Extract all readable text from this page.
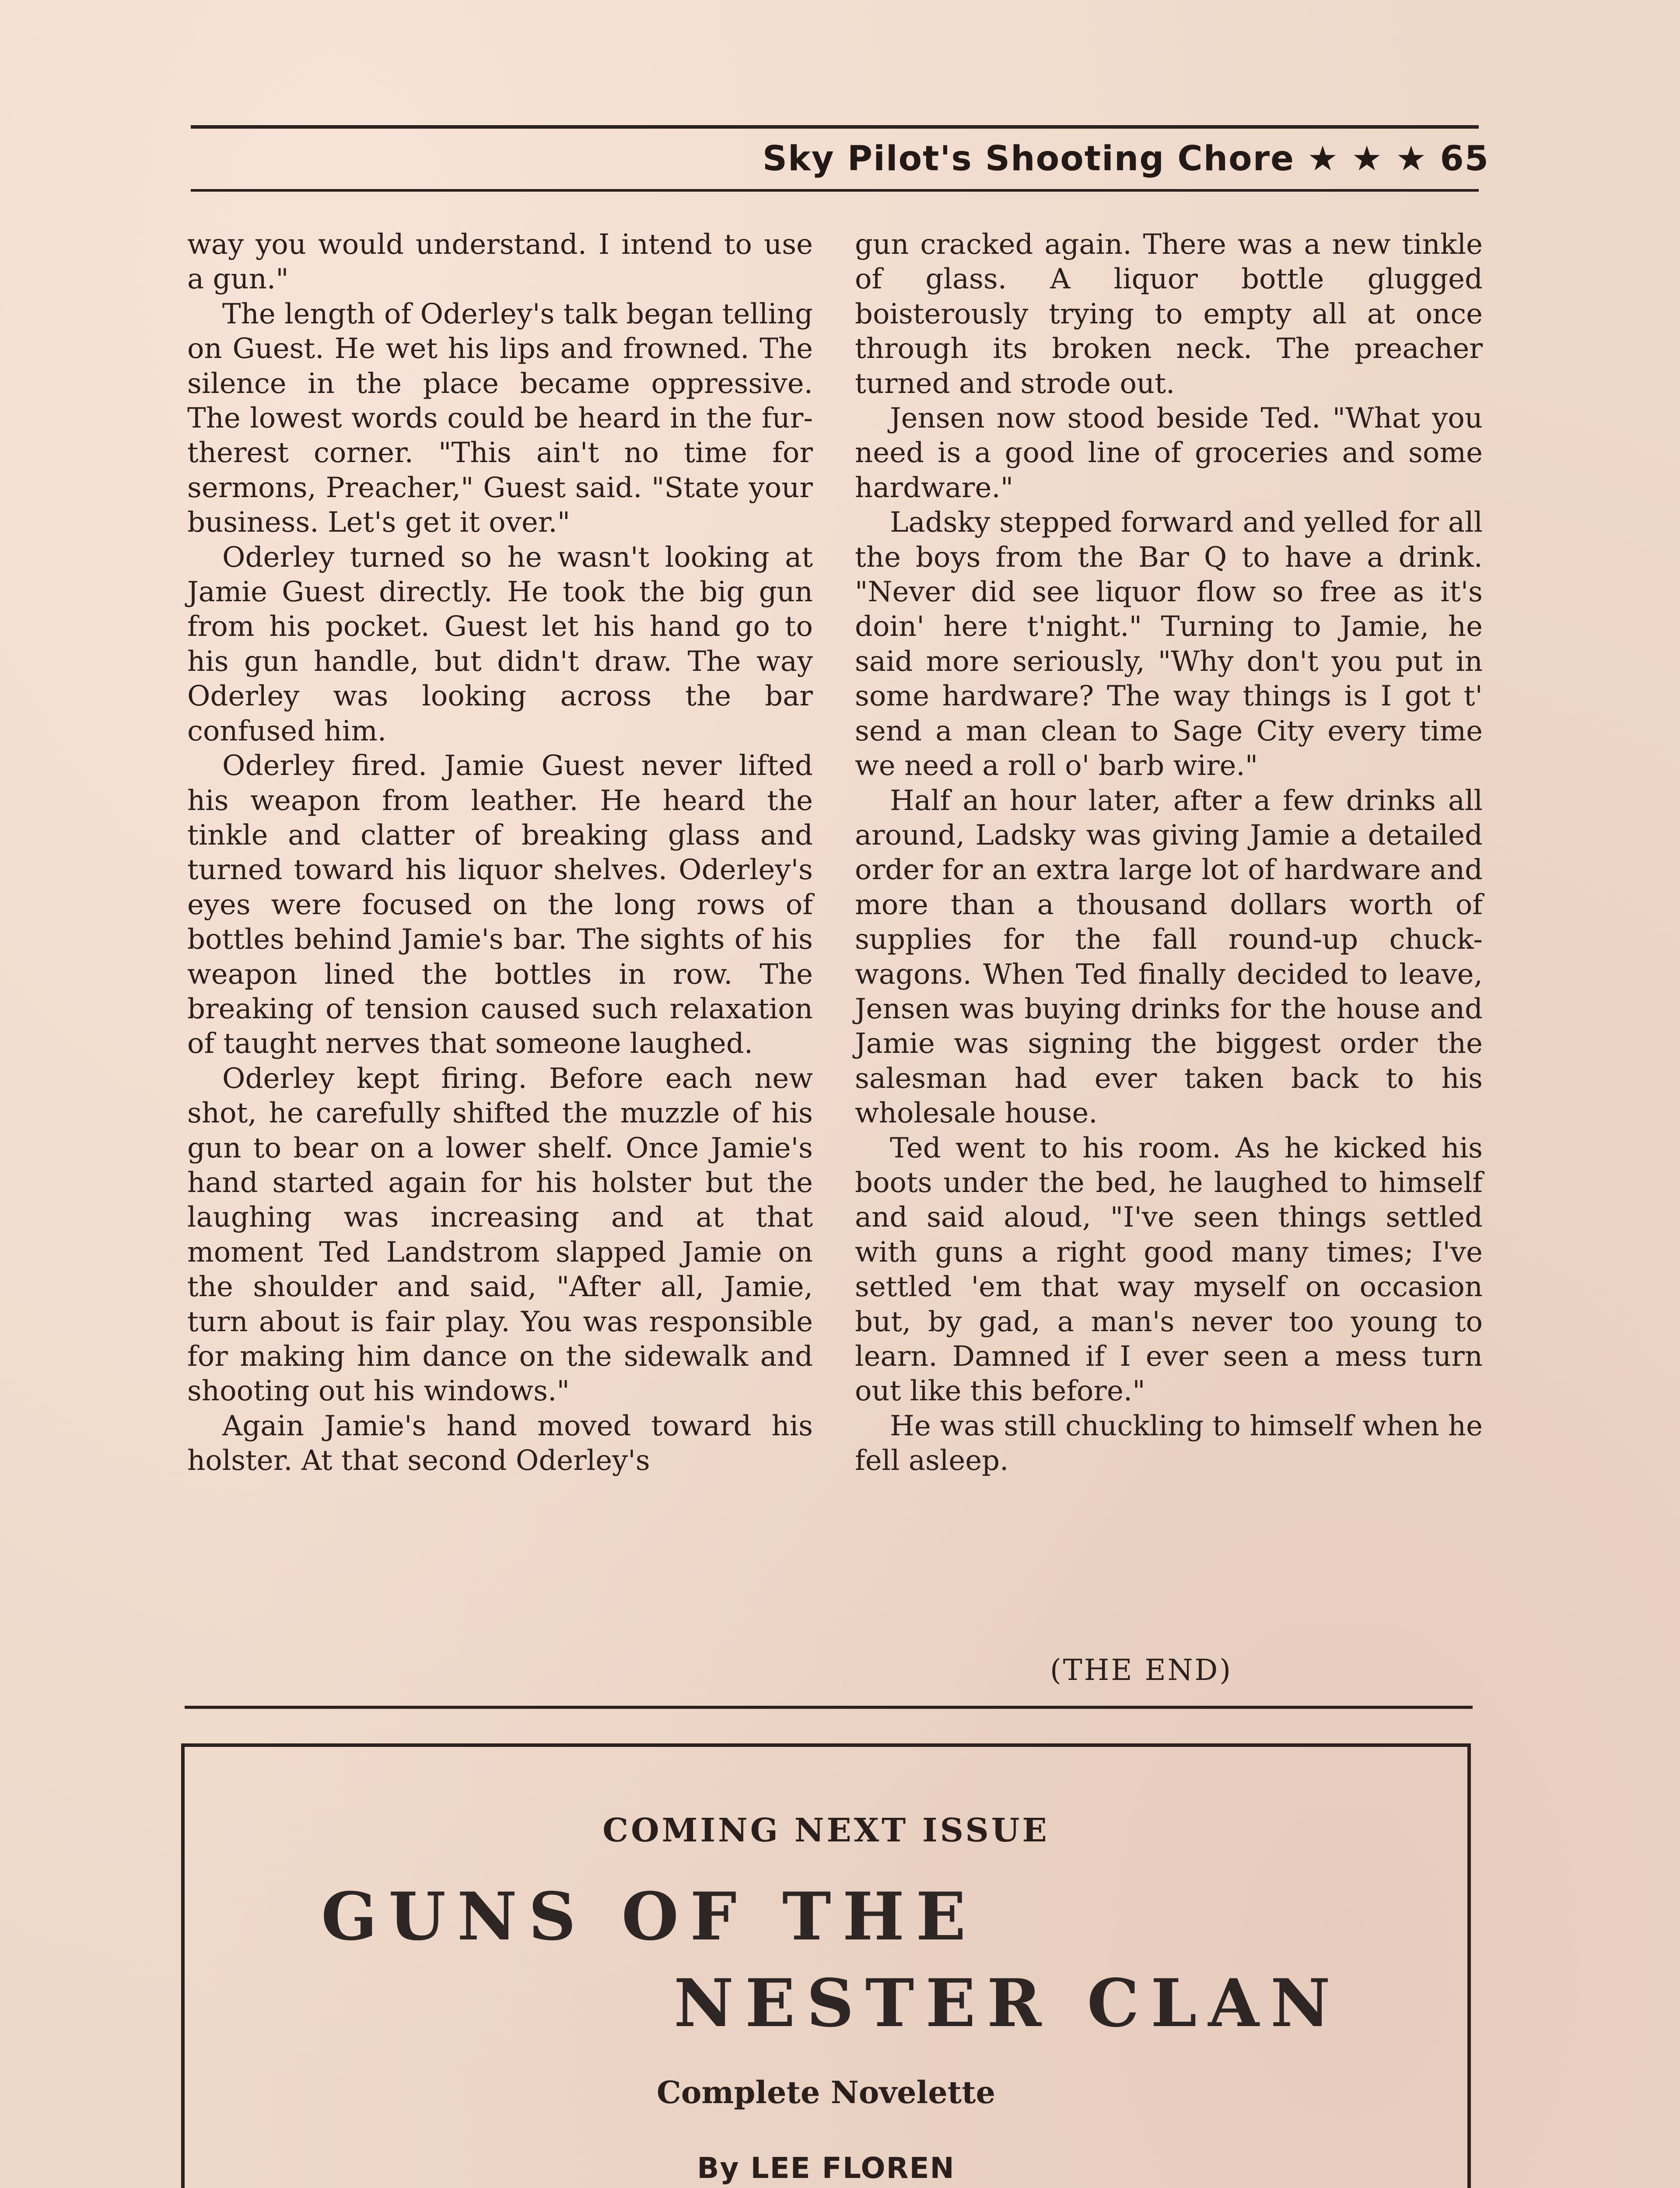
Sky Pilot's Shooting Chore ★ ★ ★ 65

way you would understand. I intend to use a gun."

The length of Oderley's talk began telling on Guest. He wet his lips and frowned. The silence in the place became oppressive. The lowest words could be heard in the furtherest corner. "This ain't no time for sermons, Preacher," Guest said. "State your business. Let's get it over."

Oderley turned so he wasn't looking at Jamie Guest directly. He took the big gun from his pocket. Guest let his hand go to his gun handle, but didn't draw. The way Oderley was looking across the bar confused him.

Oderley fired. Jamie Guest never lifted his weapon from leather. He heard the tinkle and clatter of breaking glass and turned toward his liquor shelves. Oderley's eyes were focused on the long rows of bottles behind Jamie's bar. The sights of his weapon lined the bottles in row. The breaking of tension caused such relaxation of taught nerves that someone laughed.

Oderley kept firing. Before each new shot, he carefully shifted the muzzle of his gun to bear on a lower shelf. Once Jamie's hand started again for his holster but the laughing was increasing and at that moment Ted Landstrom slapped Jamie on the shoulder and said, "After all, Jamie, turn about is fair play. You was responsible for making him dance on the sidewalk and shooting out his windows."

Again Jamie's hand moved toward his holster. At that second Oderley's

gun cracked again. There was a new tinkle of glass. A liquor bottle glugged boisterously trying to empty all at once through its broken neck. The preacher turned and strode out.

Jensen now stood beside Ted. "What you need is a good line of groceries and some hardware."

Ladsky stepped forward and yelled for all the boys from the Bar Q to have a drink. "Never did see liquor flow so free as it's doin' here t'night." Turning to Jamie, he said more seriously, "Why don't you put in some hardware? The way things is I got t' send a man clean to Sage City every time we need a roll o' barb wire."

Half an hour later, after a few drinks all around, Ladsky was giving Jamie a detailed order for an extra large lot of hardware and more than a thousand dollars worth of supplies for the fall round-up chuck-wagons. When Ted finally decided to leave, Jensen was buying drinks for the house and Jamie was signing the biggest order the salesman had ever taken back to his wholesale house.

Ted went to his room. As he kicked his boots under the bed, he laughed to himself and said aloud, "I've seen things settled with guns a right good many times; I've settled 'em that way myself on occasion but, by gad, a man's never too young to learn. Damned if I ever seen a mess turn out like this before."

He was still chuckling to himself when he fell asleep.

(THE END)
COMING NEXT ISSUE
GUNS OF THE
NESTER CLAN
Complete Novelette
By LEE FLOREN
